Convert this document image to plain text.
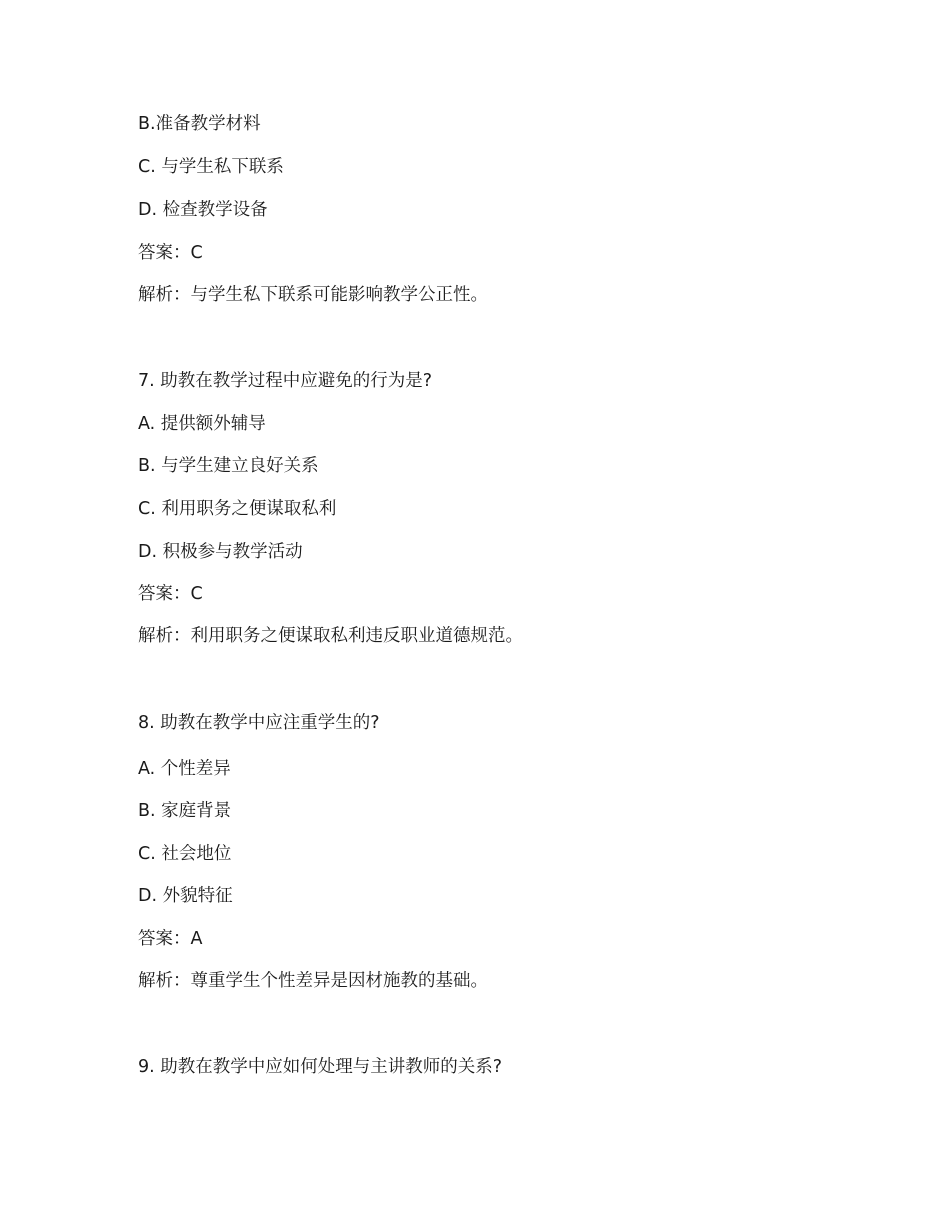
B.准备教学材料
C. 与学生私下联系
D. 检查教学设备
答案：C
解析：与学生私下联系可能影响教学公正性。
7. 助教在教学过程中应避免的行为是?
A. 提供额外辅导
B. 与学生建立良好关系
C. 利用职务之便谋取私利
D. 积极参与教学活动
答案：C
解析：利用职务之便谋取私利违反职业道德规范。
8. 助教在教学中应注重学生的?
A. 个性差异
B. 家庭背景
C. 社会地位
D. 外貌特征
答案：A
解析：尊重学生个性差异是因材施教的基础。
9. 助教在教学中应如何处理与主讲教师的关系?
